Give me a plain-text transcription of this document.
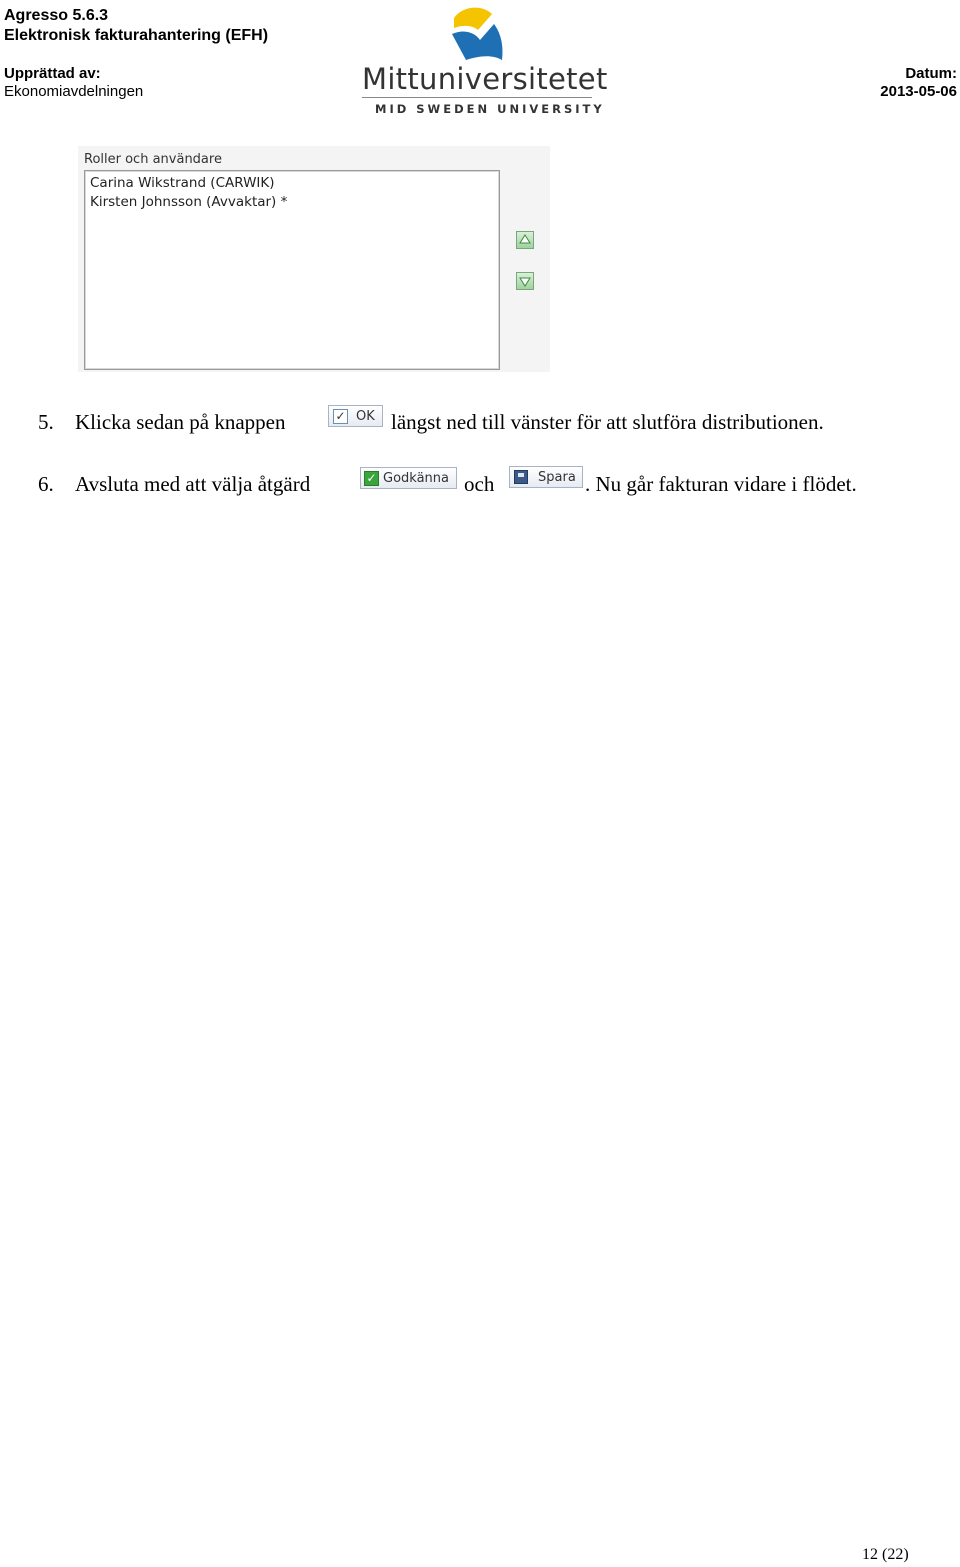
Agresso 5.6.3
Elektronisk fakturahantering (EFH)
Upprättad av:
Ekonomiavdelningen
Datum:
2013-05-06
Mittuniversitetet
MID SWEDEN UNIVERSITY
Roller och användare
Carina Wikstrand (CARWIK)
Kirsten Johnsson (Avvaktar) *
5. Klicka sedan på knappen	✓ OK längst ned till vänster för att slutföra distributionen.
6. Avsluta med att välja åtgärd	✓ Godkänna och	Spara . Nu går fakturan vidare i flödet.
12 (22)
